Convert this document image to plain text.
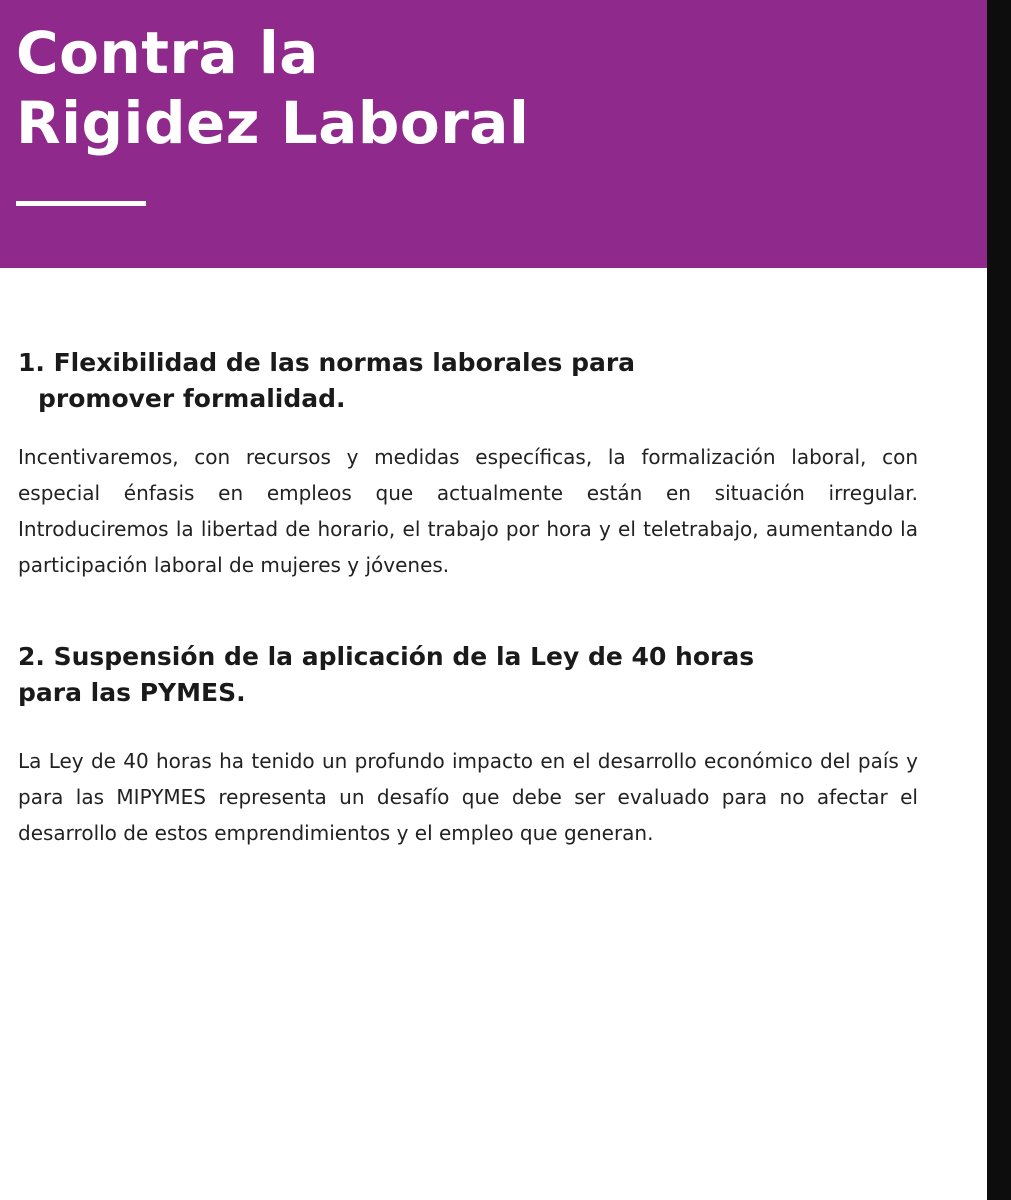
Contra la
Rigidez Laboral
1. Flexibilidad de las normas laborales para
promover formalidad.

Incentivaremos, con recursos y medidas específicas, la formalización laboral, con especial énfasis en empleos que actualmente están en situación irregular. Introduciremos la libertad de horario, el trabajo por hora y el teletrabajo, aumentando la participación laboral de mujeres y jóvenes.

2. Suspensión de la aplicación de la Ley de 40 horas
para las PYMES.

La Ley de 40 horas ha tenido un profundo impacto en el desarrollo económico del país y para las MIPYMES representa un desafío que debe ser evaluado para no afectar el desarrollo de estos emprendimientos y el empleo que generan.
